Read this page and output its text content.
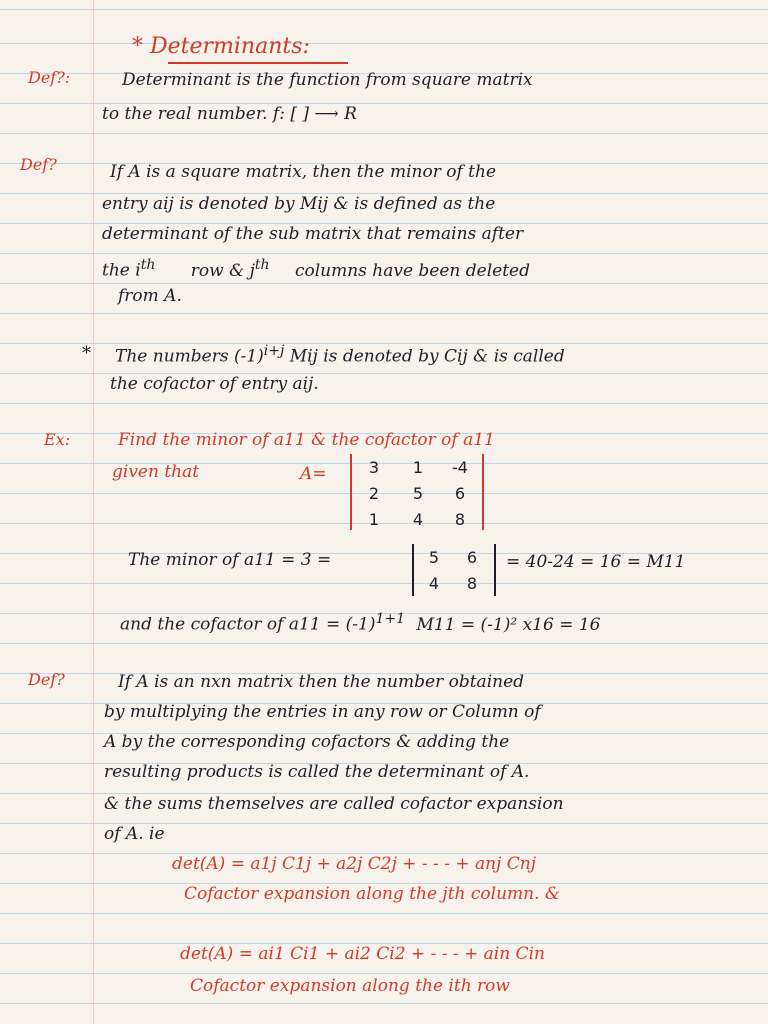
* Determinants:
Def?:	Determinant is the function from square matrix
to the real number. f: [ ] ⟶ R
Def?	If A is a square matrix, then the minor of the
entry aij is denoted by Mij & is defined as the
determinant of the sub matrix that remains after
the $i^{th}$ row & $j^{th}$ columns have been deleted
from A.
* The numbers $(-1)^{i+j}$ Mij is denoted by Cij & is called
the cofactor of entry aij.
Ex:	Find the minor of a11 & the cofactor of a11
given that	A=	3	1	-4
2	5	6
1	4	8
The minor of a11 = 3 =	5	6
4	8
= 40-24 = 16 = M11
and the cofactor of $a11 = (-1)^{1+1}$ M11 = (-1)² x16 = 16
Def?	If A is an nxn matrix then the number obtained
by multiplying the entries in any row or Column of
A by the corresponding cofactors & adding the
resulting products is called the determinant of A.
& the sums themselves are called cofactor expansion
of A. ie
det(A) = a1j C1j + a2j C2j + - - - + anj Cnj
Cofactor expansion along the jth column. &
det(A) = ai1 Ci1 + ai2 Ci2 + - - - + ain Cin
Cofactor expansion along the ith row
